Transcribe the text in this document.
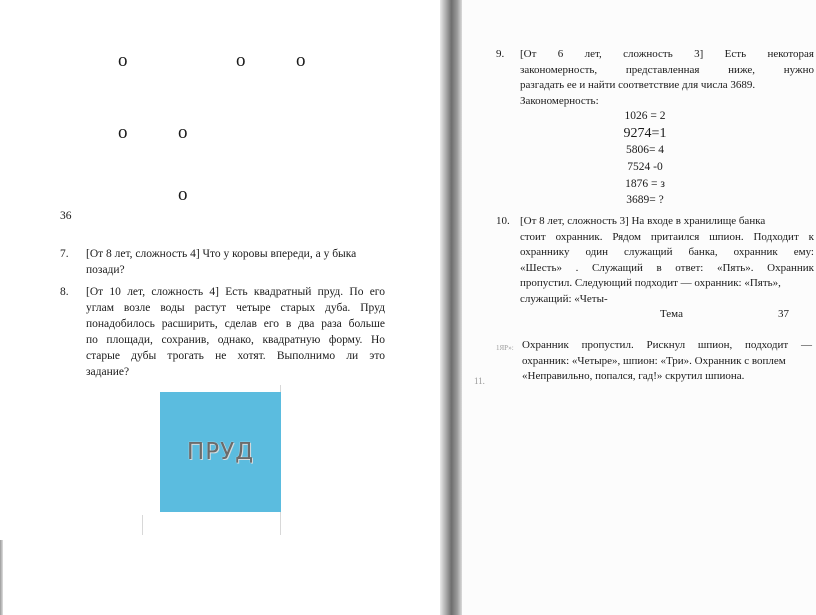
o	o	o
o	o
o
36
7. [От 8 лет, сложность 4] Что у коровы впереди, а у быка
позади?
8. [От 10 лет, сложность 4] Есть квадратный пруд. По его
углам возле воды растут четыре старых дуба. Пруд
понадобилось расширить, сделав его в два раза больше
по площади, сохранив, однако, квадратную форму. Но
старые дубы трогать не хотят. Выполнимо ли это
задание?
ПРУД
9. [От 6 лет, сложность 3] Есть некоторая
закономерность, представленная ниже, нужно
разгадать ее и найти соответствие для числа 3689.
Закономерность:
1026 = 2
9274=1
5806= 4
7524 -0
1876 = з
3689= ?
10. [От 8 лет, сложность 3] На входе в хранилище банка
стоит охранник. Рядом притаился шпион. Подходит к
охраннику один служащий банка, охранник ему:
«Шесть» . Служащий в ответ: «Пять». Охранник
пропустил. Следующий подходит — охранник: «Пять»,
служащий: «Четы-
Тема	37
1ЯР»:
11.
Охранник пропустил. Рискнул шпион, подходит —
охранник: «Четыре», шпион: «Три». Охранник с воплем
«Неправильно, попался, гад!» скрутил шпиона.
